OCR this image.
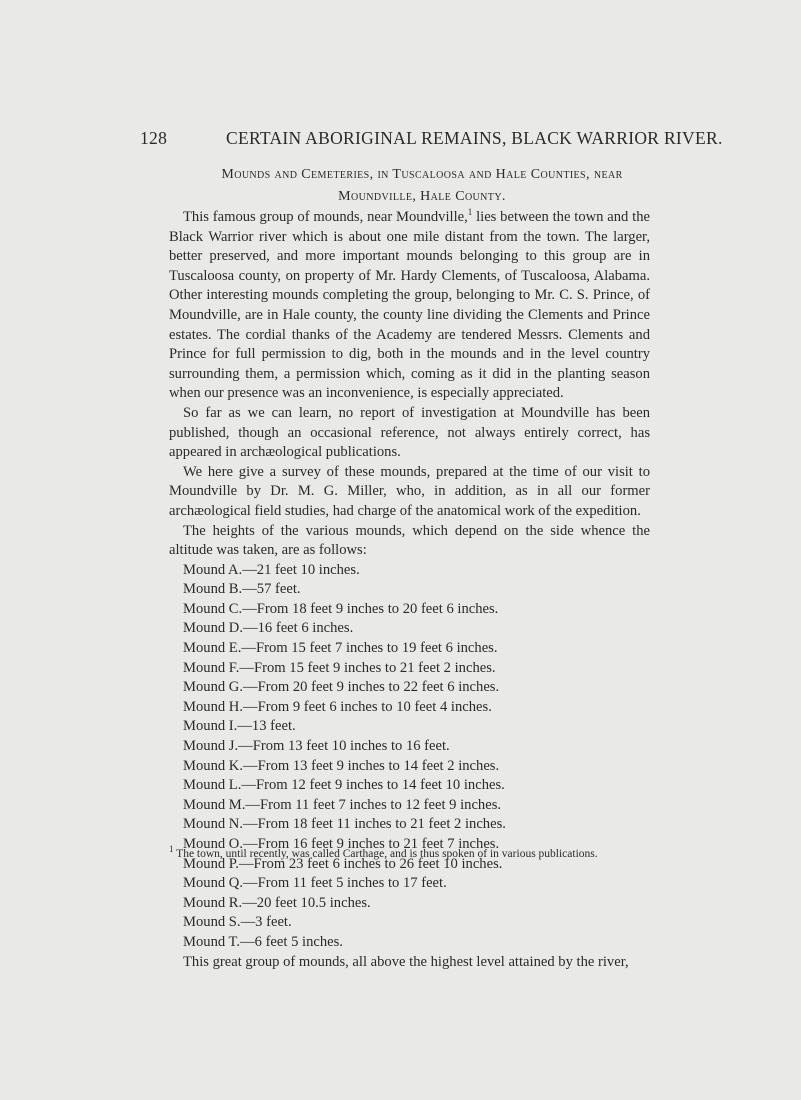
128	CERTAIN ABORIGINAL REMAINS, BLACK WARRIOR RIVER.
Mounds and Cemeteries, in Tuscaloosa and Hale Counties, near
Moundville, Hale County.

This famous group of mounds, near Moundville,$^1$ lies between the town and the Black Warrior river which is about one mile distant from the town. The larger, better preserved, and more important mounds belonging to this group are in Tuscaloosa county, on property of Mr. Hardy Clements, of Tuscaloosa, Alabama. Other interesting mounds completing the group, belonging to Mr. C. S. Prince, of Moundville, are in Hale county, the county line dividing the Clements and Prince estates. The cordial thanks of the Academy are tendered Messrs. Clements and Prince for full permission to dig, both in the mounds and in the level country surrounding them, a permission which, coming as it did in the planting season when our presence was an inconvenience, is especially appreciated.

So far as we can learn, no report of investigation at Moundville has been published, though an occasional reference, not always entirely correct, has appeared in archæological publications.

We here give a survey of these mounds, prepared at the time of our visit to Moundville by Dr. M. G. Miller, who, in addition, as in all our former archæological field studies, had charge of the anatomical work of the expedition.

The heights of the various mounds, which depend on the side whence the altitude was taken, are as follows:

Mound A.—21 feet 10 inches.
Mound B.—57 feet.
Mound C.—From 18 feet 9 inches to 20 feet 6 inches.
Mound D.—16 feet 6 inches.
Mound E.—From 15 feet 7 inches to 19 feet 6 inches.
Mound F.—From 15 feet 9 inches to 21 feet 2 inches.
Mound G.—From 20 feet 9 inches to 22 feet 6 inches.
Mound H.—From 9 feet 6 inches to 10 feet 4 inches.
Mound I.—13 feet.
Mound J.—From 13 feet 10 inches to 16 feet.
Mound K.—From 13 feet 9 inches to 14 feet 2 inches.
Mound L.—From 12 feet 9 inches to 14 feet 10 inches.
Mound M.—From 11 feet 7 inches to 12 feet 9 inches.
Mound N.—From 18 feet 11 inches to 21 feet 2 inches.
Mound O.—From 16 feet 9 inches to 21 feet 7 inches.
Mound P.—From 23 feet 6 inches to 26 feet 10 inches.
Mound Q.—From 11 feet 5 inches to 17 feet.
Mound R.—20 feet 10.5 inches.
Mound S.—3 feet.
Mound T.—6 feet 5 inches.

This great group of mounds, all above the highest level attained by the river,

$^1$ The town, until recently, was called Carthage, and is thus spoken of in various publications.
